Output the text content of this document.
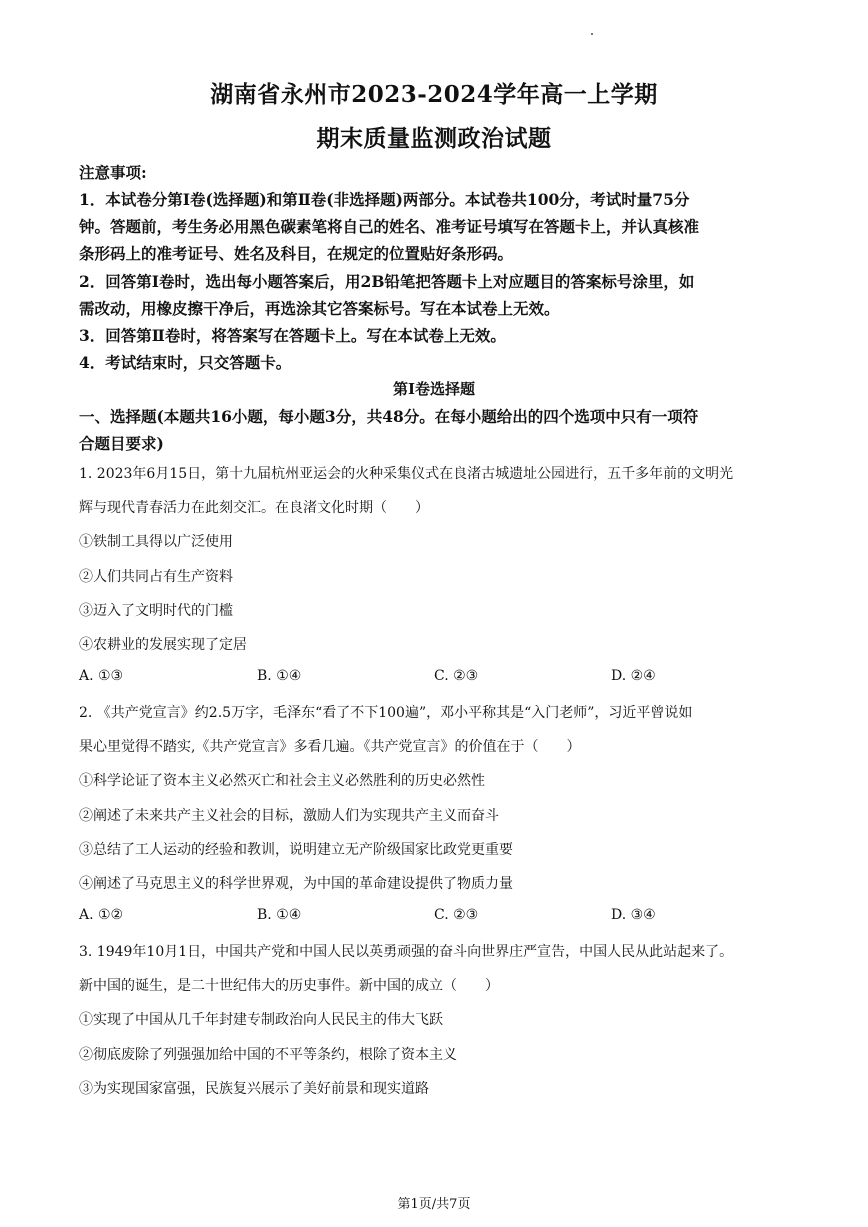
湖南省永州市2023-2024学年高一上学期
期末质量监测政治试题
注意事项:
1．本试卷分第Ⅰ卷(选择题)和第Ⅱ卷(非选择题)两部分。本试卷共100分，考试时量75分
钟。答题前，考生务必用黑色碳素笔将自己的姓名、准考证号填写在答题卡上，并认真核准
条形码上的准考证号、姓名及科目，在规定的位置贴好条形码。
2．回答第Ⅰ卷时，选出每小题答案后，用2B铅笔把答题卡上对应题目的答案标号涂里，如
需改动，用橡皮擦干净后，再选涂其它答案标号。写在本试卷上无效。
3．回答第Ⅱ卷时，将答案写在答题卡上。写在本试卷上无效。
4．考试结束时，只交答题卡。
第Ⅰ卷选择题
一、选择题(本题共16小题，每小题3分，共48分。在每小题给出的四个选项中只有一项符
合题目要求)
1. 2023年6月15日，第十九届杭州亚运会的火种采集仪式在良渚古城遗址公园进行，五千多年前的文明光
辉与现代青春活力在此刻交汇。在良渚文化时期（　　）
①铁制工具得以广泛使用
②人们共同占有生产资料
③迈入了文明时代的门槛
④农耕业的发展实现了定居
A. ①③	B. ①④	C. ②③	D. ②④
2. 《共产党宣言》约2.5万字，毛泽东“看了不下100遍”，邓小平称其是“入门老师”，习近平曾说如
果心里觉得不踏实,《共产党宣言》多看几遍。《共产党宣言》的价值在于（　　）
①科学论证了资本主义必然灭亡和社会主义必然胜利的历史必然性
②阐述了未来共产主义社会的目标，激励人们为实现共产主义而奋斗
③总结了工人运动的经验和教训，说明建立无产阶级国家比政党更重要
④阐述了马克思主义的科学世界观，为中国的革命建设提供了物质力量
A. ①②	B. ①④	C. ②③	D. ③④
3. 1949年10月1日，中国共产党和中国人民以英勇顽强的奋斗向世界庄严宣告，中国人民从此站起来了。
新中国的诞生，是二十世纪伟大的历史事件。新中国的成立（　　）
①实现了中国从几千年封建专制政治向人民民主的伟大飞跃
②彻底废除了列强强加给中国的不平等条约，根除了资本主义
③为实现国家富强，民族复兴展示了美好前景和现实道路
第1页/共7页
